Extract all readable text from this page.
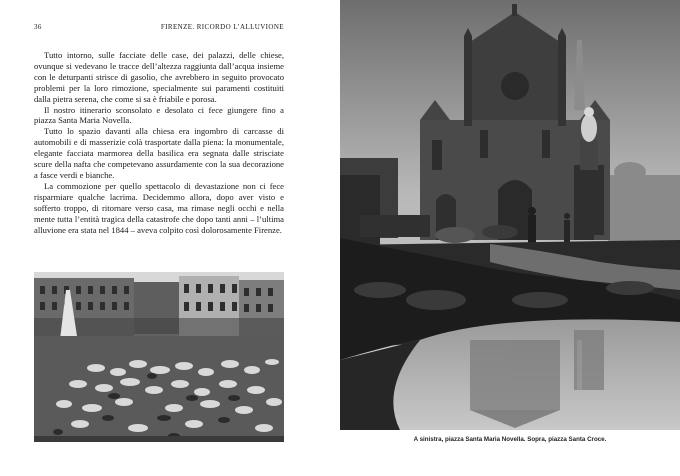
36	FIRENZE. RICORDO L’ALLUVIONE

Tutto intorno, sulle facciate delle case, dei palazzi, delle chiese, ovunque si vedevano le tracce dell’altezza raggiunta dall’acqua insieme con le deturpanti strisce di gasolio, che avrebbero in seguito provocato problemi per la loro rimozione, specialmente sui paramenti costituiti dalla pietra serena, che come si sa è friabile e porosa.

Il nostro itinerario sconsolato e desolato ci fece giungere fino a piazza Santa Maria Novella.

Tutto lo spazio davanti alla chiesa era ingombro di carcasse di automobili e di masserizie colà trasportate dalla piena: la monumentale, elegante facciata marmorea della basilica era segnata dalle strisciate scure della nafta che competevano assurdamente con la sua decorazione a fasce verdi e bianche.

La commozione per quello spettacolo di devastazione non ci fece risparmiare qualche lacrima. Decidemmo allora, dopo aver visto e sofferto troppo, di ritornare verso casa, ma rimase negli occhi e nella mente tutta l’entità tragica della catastrofe che dopo tanti anni – l’ultima alluvione era stata nel 1844 – aveva colpito così dolorosamente Firenze.

A sinistra, piazza Santa Maria Novella. Sopra, piazza Santa Croce.
